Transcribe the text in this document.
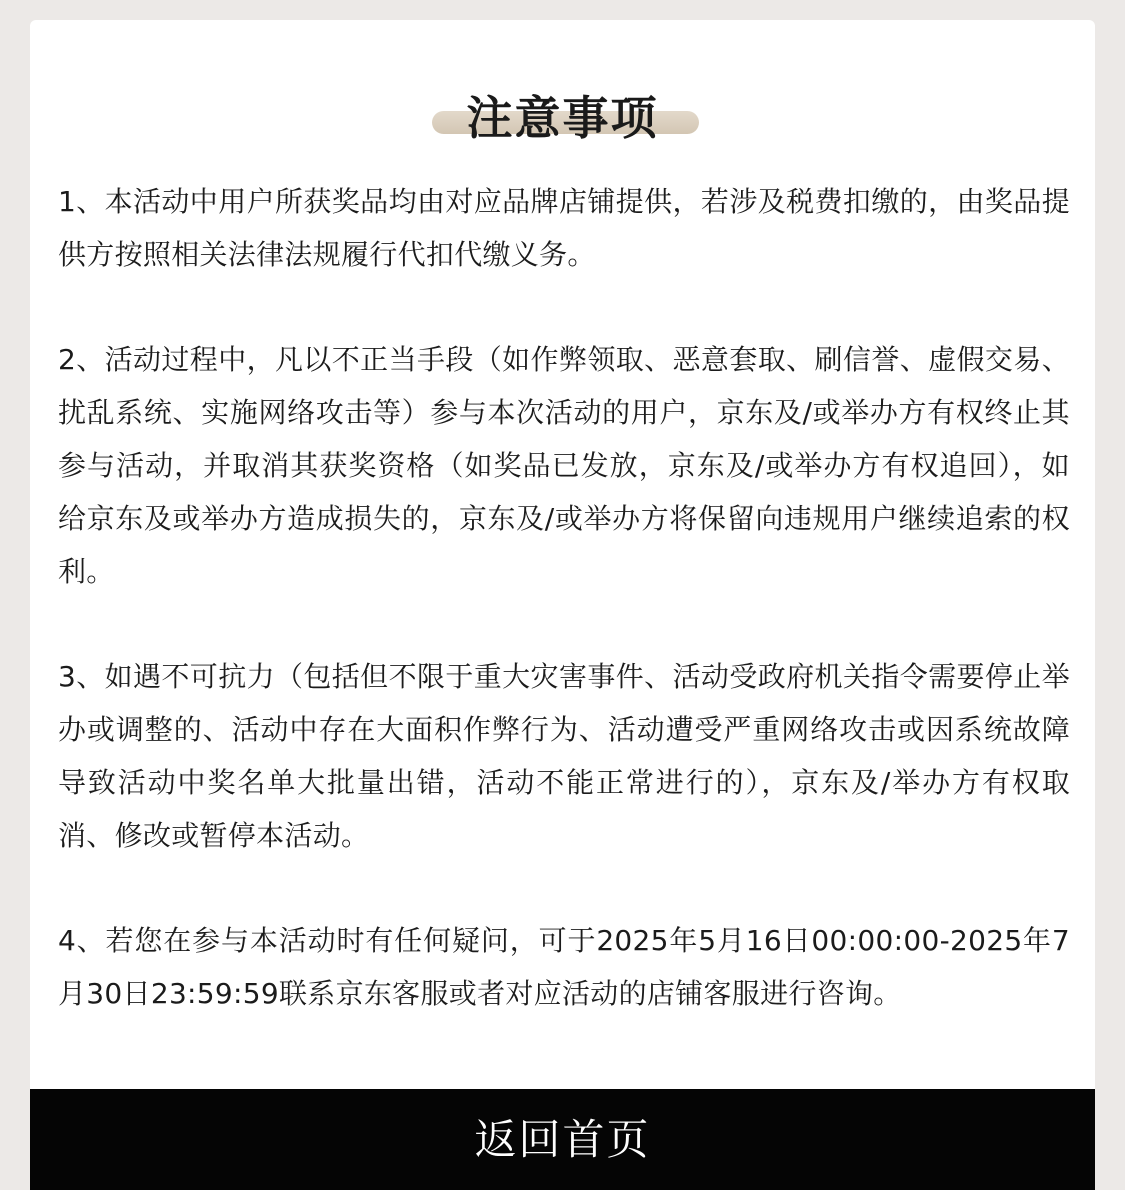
注意事项

1、本活动中用户所获奖品均由对应品牌店铺提供，若涉及税费扣缴的，由奖品提供方按照相关法律法规履行代扣代缴义务。

2、活动过程中，凡以不正当手段（如作弊领取、恶意套取、刷信誉、虚假交易、扰乱系统、实施网络攻击等）参与本次活动的用户，京东及/或举办方有权终止其参与活动，并取消其获奖资格（如奖品已发放，京东及/或举办方有权追回），如给京东及或举办方造成损失的，京东及/或举办方将保留向违规用户继续追索的权利。

3、如遇不可抗力（包括但不限于重大灾害事件、活动受政府机关指令需要停止举办或调整的、活动中存在大面积作弊行为、活动遭受严重网络攻击或因系统故障导致活动中奖名单大批量出错，活动不能正常进行的），京东及/举办方有权取消、修改或暂停本活动。

4、若您在参与本活动时有任何疑问，可于2025年5月16日00:00:00-2025年7月30日23:59:59联系京东客服或者对应活动的店铺客服进行咨询。

返回首页
